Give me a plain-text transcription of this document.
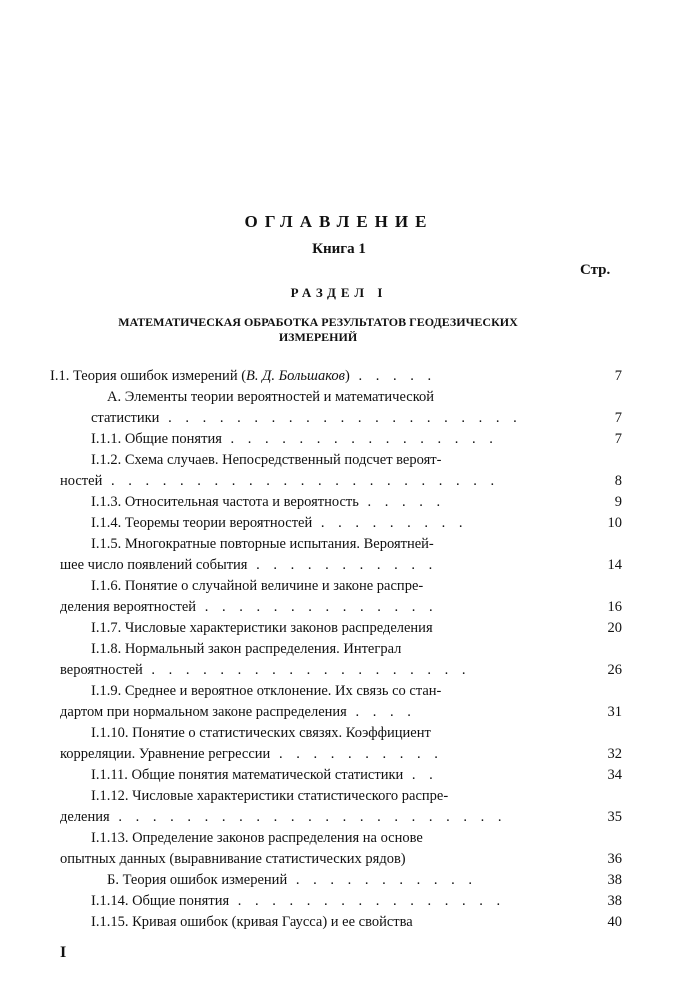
ОГЛАВЛЕНИЕ
Книга 1
Стр.
РАЗДЕЛ I
МАТЕМАТИЧЕСКАЯ ОБРАБОТКА РЕЗУЛЬТАТОВ ГЕОДЕЗИЧЕСКИХ
ИЗМЕРЕНИЙ
I.1. Теория ошибок измерений (В. Д. Большаков) . . . . .	7
А. Элементы теории вероятностей и математической
статистики . . . . . . . . . . . . . . . . . . . . .	7
I.1.1. Общие понятия . . . . . . . . . . . . . . . .	7
I.1.2. Схема случаев. Непосредственный подсчет вероят-
ностей . . . . . . . . . . . . . . . . . . . . . . .	8
I.1.3. Относительная частота и вероятность . . . . .	9
I.1.4. Теоремы теории вероятностей . . . . . . . . .	10
I.1.5. Многократные повторные испытания. Вероятней-
шее число появлений события . . . . . . . . . . .	14
I.1.6. Понятие о случайной величине и законе распре-
деления вероятностей . . . . . . . . . . . . . .	16
I.1.7. Числовые характеристики законов распределения	20
I.1.8. Нормальный закон распределения. Интеграл
вероятностей . . . . . . . . . . . . . . . . . . .	26
I.1.9. Среднее и вероятное отклонение. Их связь со стан-
дартом при нормальном законе распределения . . . .	31
I.1.10. Понятие о статистических связях. Коэффициент
корреляции. Уравнение регрессии . . . . . . . . . .	32
I.1.11. Общие понятия математической статистики . .	34
I.1.12. Числовые характеристики статистического распре-
деления . . . . . . . . . . . . . . . . . . . . . . .	35
I.1.13. Определение законов распределения на основе
опытных данных (выравнивание статистических рядов)	36
Б. Теория ошибок измерений . . . . . . . . . . .	38
I.1.14. Общие понятия . . . . . . . . . . . . . . . .	38
I.1.15. Кривая ошибок (кривая Гаусса) и ее свойства	40
I
